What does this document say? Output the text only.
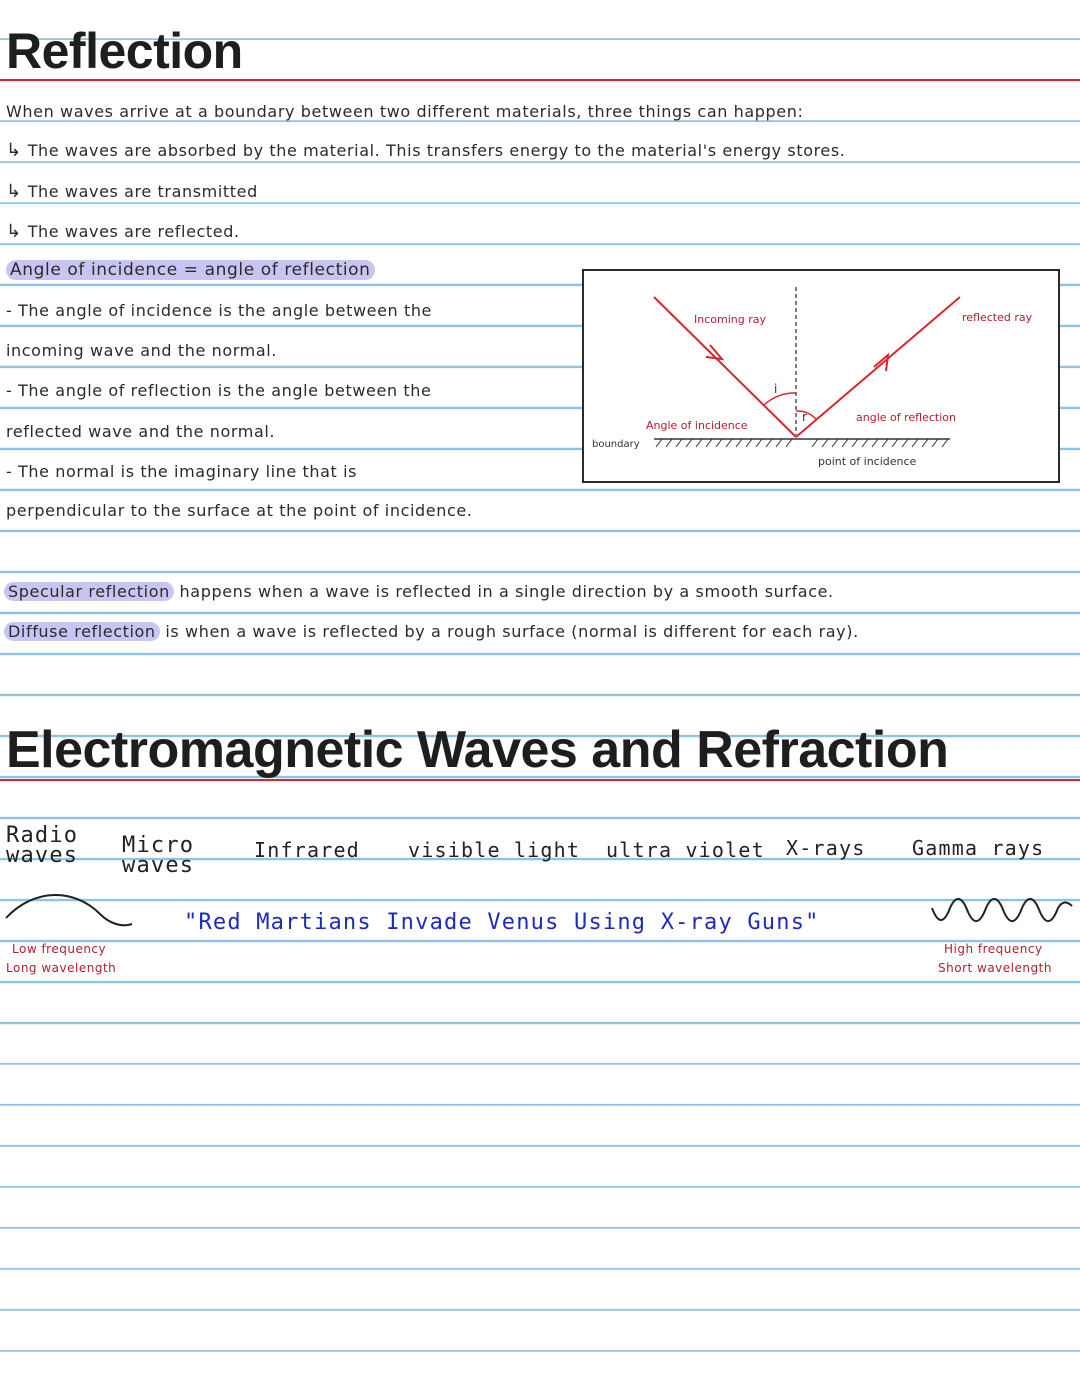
Reflection
When waves arrive at a boundary between two different materials, three things can happen:
↳ The waves are absorbed by the material. This transfers energy to the material's energy stores.
↳ The waves are transmitted
↳ The waves are reflected.
Angle of incidence = angle of reflection
- The angle of incidence is the angle between the
incoming wave and the normal.
- The angle of reflection is the angle between the
reflected wave and the normal.
- The normal is the imaginary line that is
perpendicular to the surface at the point of incidence.
i
r
Incoming ray	reflected ray
Angle of incidence
angle of reflection
boundary
point of incidence
Specular reflection happens when a wave is reflected in a single direction by a smooth surface.
Diffuse reflection is when a wave is reflected by a rough surface (normal is different for each ray).
Electromagnetic Waves and Refraction
Radio waves	Micro waves
Infrared visible light ultra violet X-rays Gamma rays
Low frequency
Long wavelength
"Red Martians Invade Venus Using X-ray Guns"
High frequency
Short wavelength
